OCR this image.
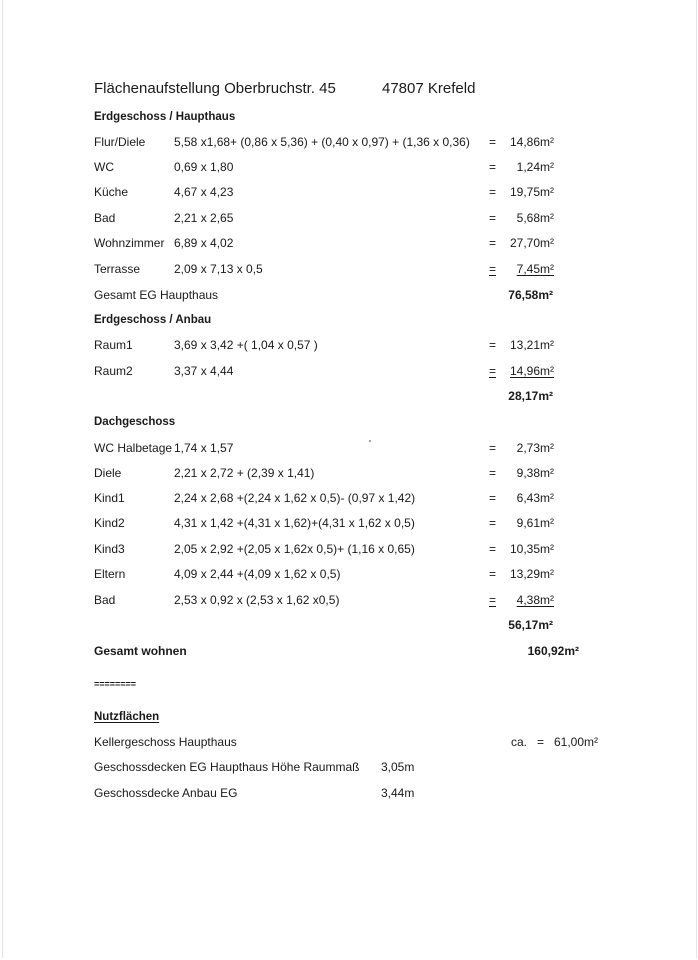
Flächenaufstellung Oberbruchstr. 45	47807 Krefeld
Erdgeschoss / Haupthaus
Flur/Diele 5,58 x1,68+ (0,86 x 5,36) + (0,40 x 0,97) + (1,36 x 0,36) = 14,86m²
WC	0,69 x 1,80	= 1,24m²
Küche	4,67 x 4,23	= 19,75m²
Bad	2,21 x 2,65	= 5,68m²
Wohnzimmer 6,89 x 4,02	= 27,70m²
Terrasse	2,09 x 7,13 x 0,5	=	7,45m²
Gesamt EG Haupthaus	76,58m²
Erdgeschoss / Anbau
Raum1	3,69 x 3,42 +( 1,04 x 0,57 )	= 13,21m²
Raum2	3,37 x 4,44	=	14,96m²
28,17m²
Dachgeschoss
WC Halbetage 1,74 x 1,57	= 2,73m²
Diele	2,21 x 2,72 + (2,39 x 1,41)	= 9,38m²
Kind1	2,24 x 2,68 +(2,24 x 1,62 x 0,5)- (0,97 x 1,42)	= 6,43m²
Kind2	4,31 x 1,42 +(4,31 x 1,62)+(4,31 x 1,62 x 0,5)	= 9,61m²
Kind3	2,05 x 2,92 +(2,05 x 1,62x 0,5)+ (1,16 x 0,65)	= 10,35m²
Eltern	4,09 x 2,44 +(4,09 x 1,62 x 0,5)	= 13,29m²
Bad	2,53 x 0,92 x (2,53 x 1,62 x0,5)	=	4,38m²
56,17m²
Gesamt wohnen	160,92m²
========
Nutzflächen
Kellergeschoss Haupthaus	ca. = 61,00m²
Geschossdecken EG Haupthaus Höhe Raummaß 3,05m
Geschossdecke Anbau EG	3,44m
